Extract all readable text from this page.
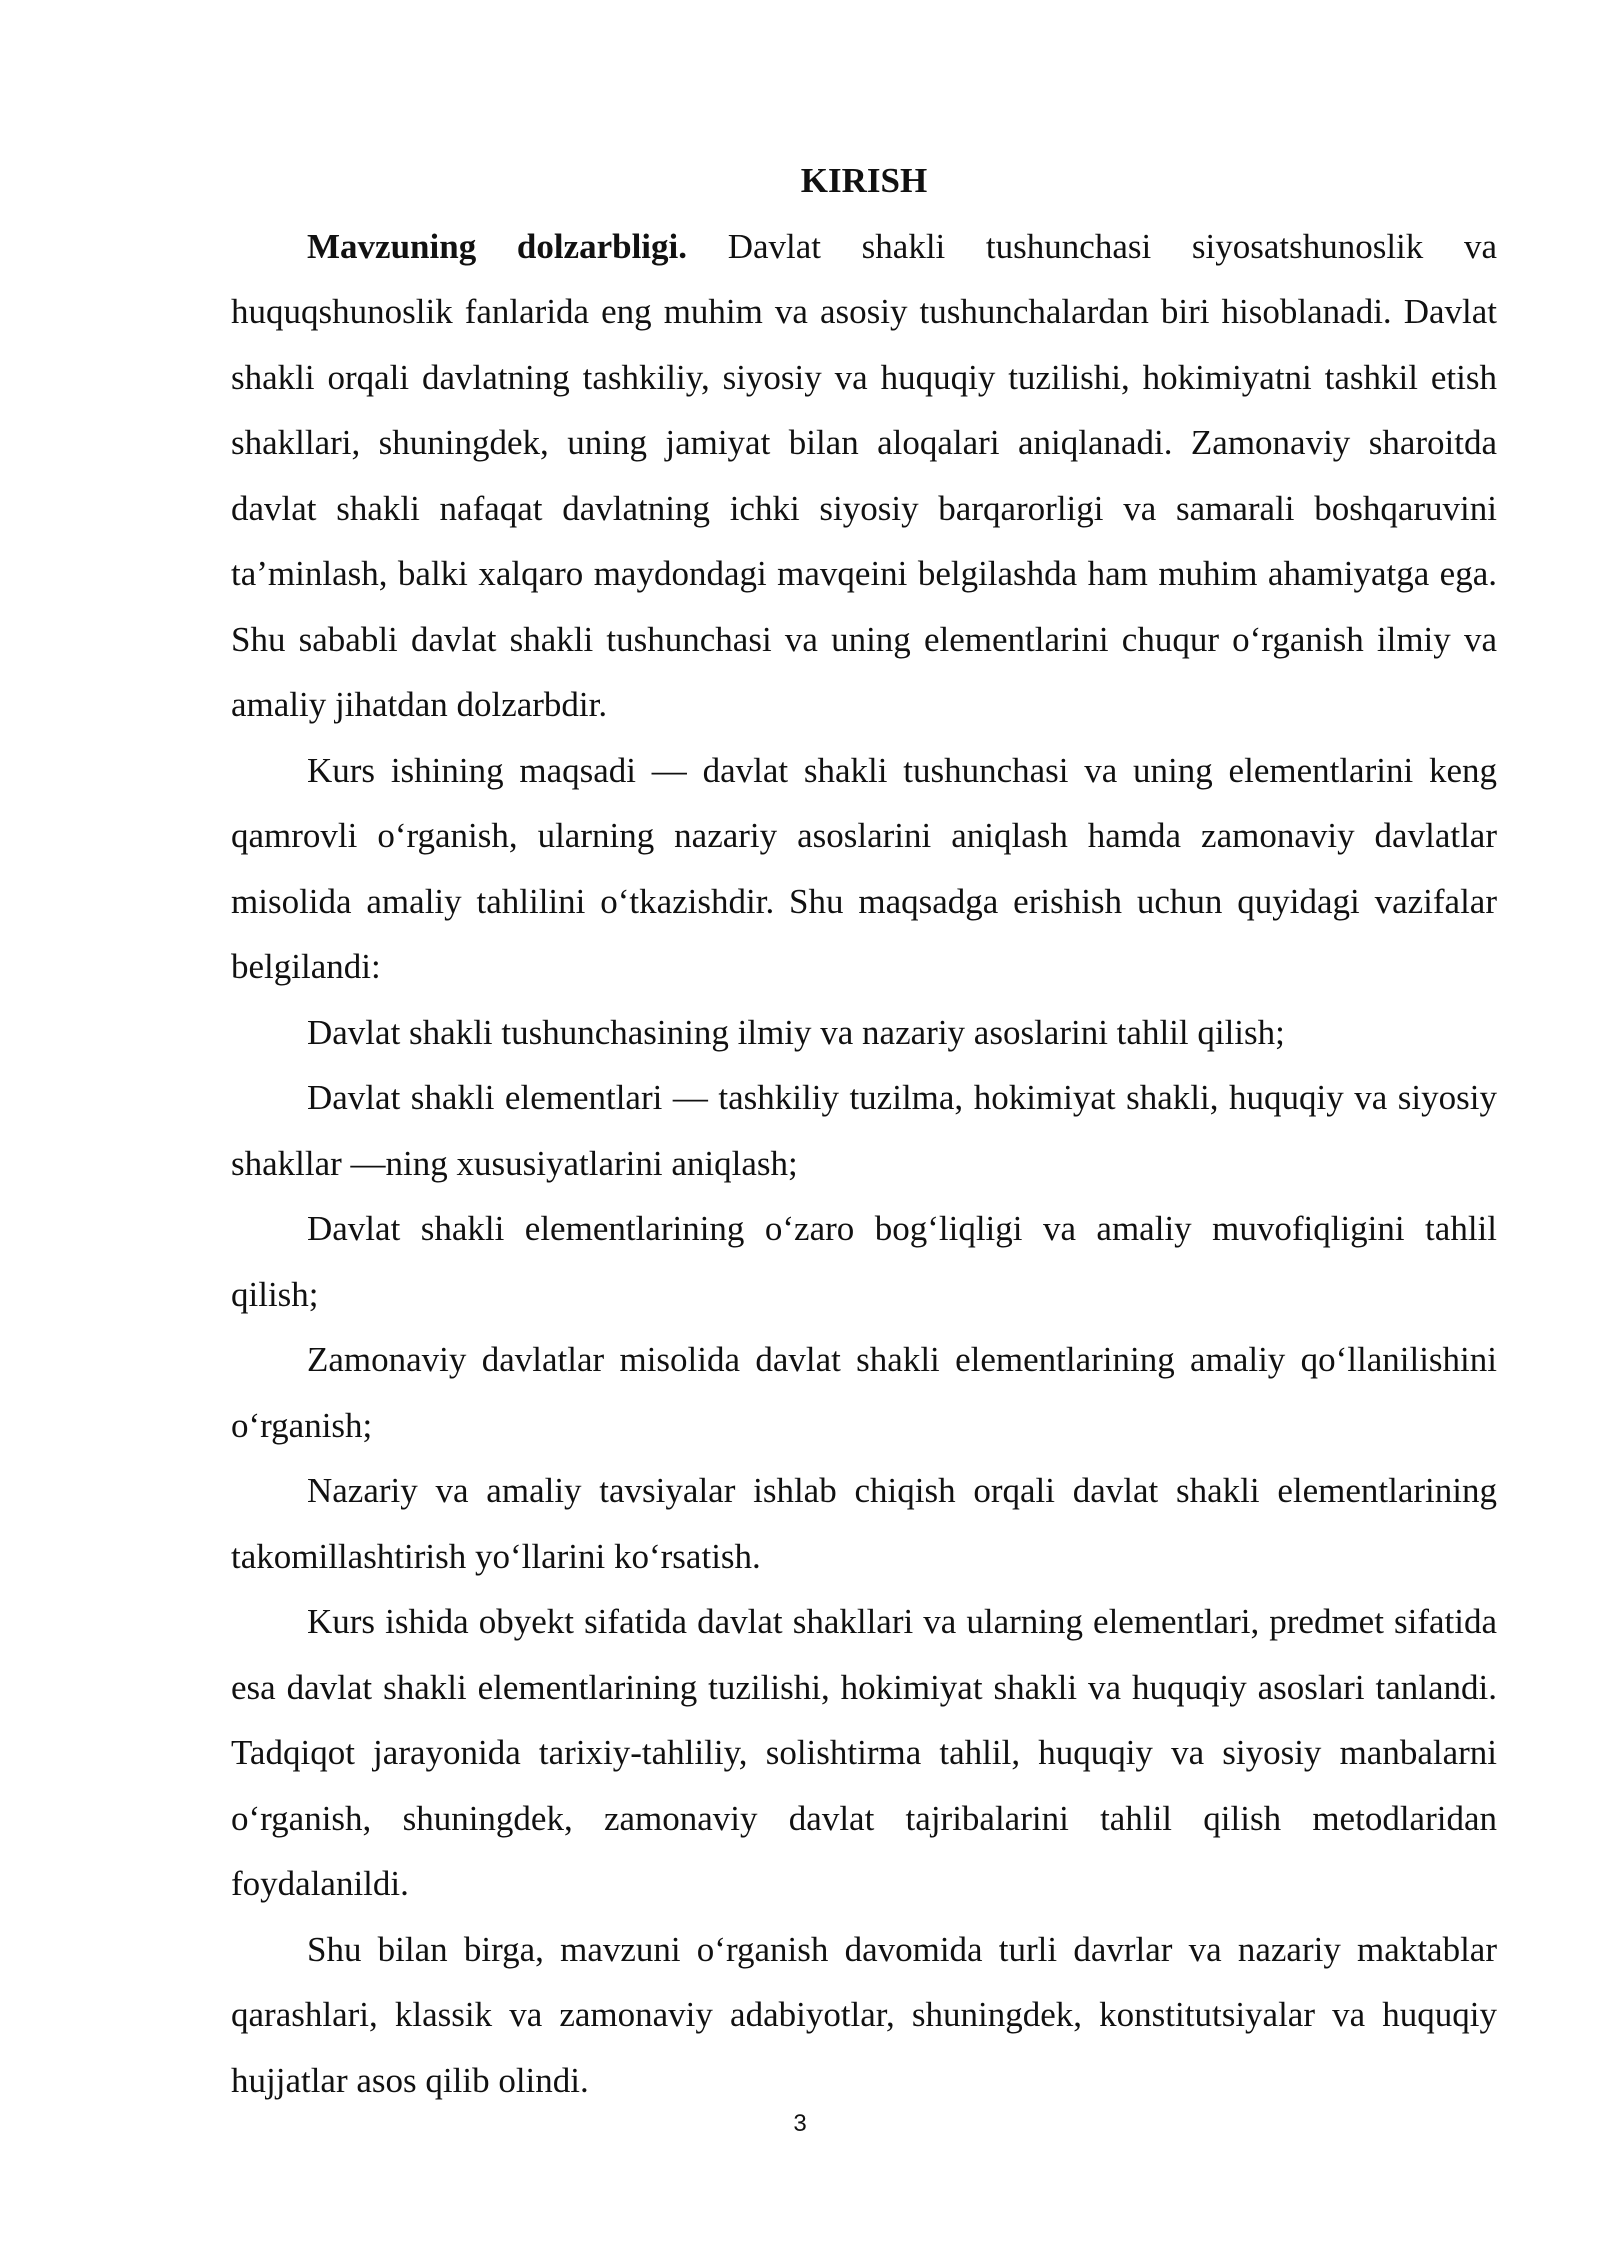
KIRISH

Mavzuning dolzarbligi. Davlat shakli tushunchasi siyosatshunoslik va huquqshunoslik fanlarida eng muhim va asosiy tushunchalardan biri hisoblanadi. Davlat shakli orqali davlatning tashkiliy, siyosiy va huquqiy tuzilishi, hokimiyatni tashkil etish shakllari, shuningdek, uning jamiyat bilan aloqalari aniqlanadi. Zamonaviy sharoitda davlat shakli nafaqat davlatning ichki siyosiy barqarorligi va samarali boshqaruvini ta’minlash, balki xalqaro maydondagi mavqeini belgilashda ham muhim ahamiyatga ega. Shu sababli davlat shakli tushunchasi va uning elementlarini chuqur o‘rganish ilmiy va amaliy jihatdan dolzarbdir.

Kurs ishining maqsadi — davlat shakli tushunchasi va uning elementlarini keng qamrovli o‘rganish, ularning nazariy asoslarini aniqlash hamda zamonaviy davlatlar misolida amaliy tahlilini o‘tkazishdir. Shu maqsadga erishish uchun quyidagi vazifalar belgilandi:

Davlat shakli tushunchasining ilmiy va nazariy asoslarini tahlil qilish;

Davlat shakli elementlari — tashkiliy tuzilma, hokimiyat shakli, huquqiy va siyosiy shakllar —ning xususiyatlarini aniqlash;

Davlat shakli elementlarining o‘zaro bog‘liqligi va amaliy muvofiqligini tahlil qilish;

Zamonaviy davlatlar misolida davlat shakli elementlarining amaliy qo‘llanilishini o‘rganish;

Nazariy va amaliy tavsiyalar ishlab chiqish orqali davlat shakli elementlarining takomillashtirish yo‘llarini ko‘rsatish.

Kurs ishida obyekt sifatida davlat shakllari va ularning elementlari, predmet sifatida esa davlat shakli elementlarining tuzilishi, hokimiyat shakli va huquqiy asoslari tanlandi. Tadqiqot jarayonida tarixiy-tahliliy, solishtirma tahlil, huquqiy va siyosiy manbalarni o‘rganish, shuningdek, zamonaviy davlat tajribalarini tahlil qilish metodlaridan foydalanildi.

Shu bilan birga, mavzuni o‘rganish davomida turli davrlar va nazariy maktablar qarashlari, klassik va zamonaviy adabiyotlar, shuningdek, konstitutsiyalar va huquqiy hujjatlar asos qilib olindi.

3
